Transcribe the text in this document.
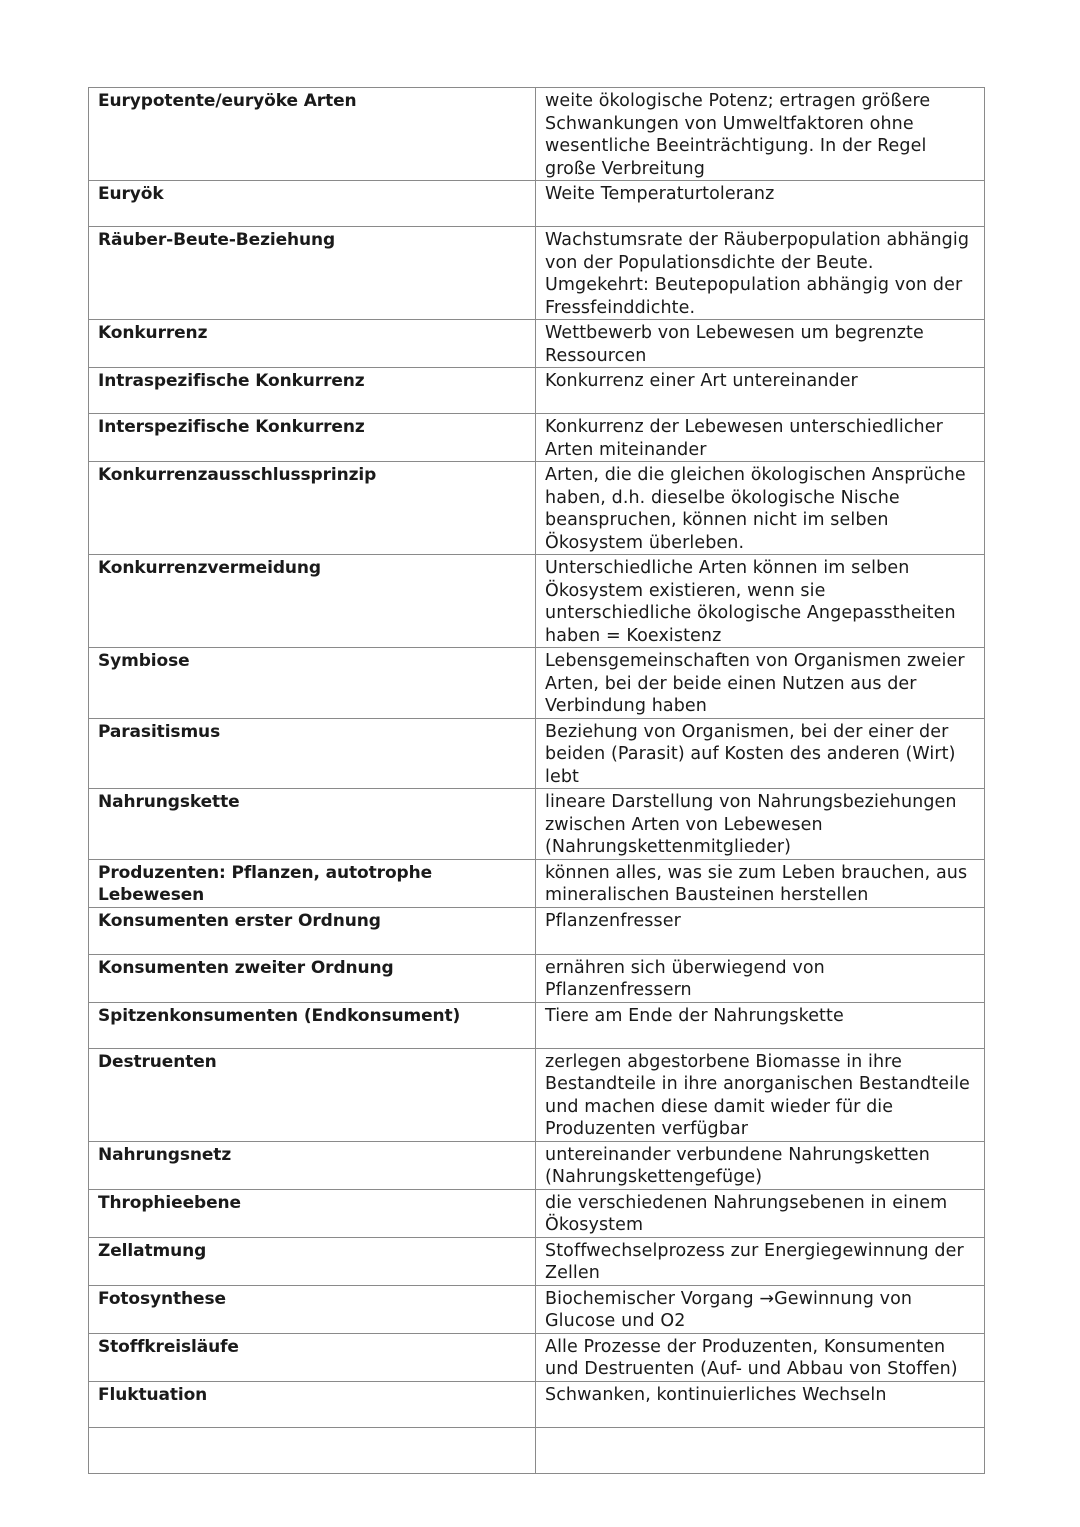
Eurypotente/euryöke Arten	weite ökologische Potenz; ertragen größere Schwankungen von Umweltfaktoren ohne wesentliche Beeinträchtigung. In der Regel große Verbreitung
Euryök	Weite Temperaturtoleranz
Räuber-Beute-Beziehung	Wachstumsrate der Räuberpopulation abhängig von der Populationsdichte der Beute. Umgekehrt: Beutepopulation abhängig von der Fressfeinddichte.
Konkurrenz	Wettbewerb von Lebewesen um begrenzte Ressourcen
Intraspezifische Konkurrenz	Konkurrenz einer Art untereinander
Interspezifische Konkurrenz	Konkurrenz der Lebewesen unterschiedlicher Arten miteinander
Konkurrenzausschlussprinzip	Arten, die die gleichen ökologischen Ansprüche haben, d.h. dieselbe ökologische Nische beanspruchen, können nicht im selben Ökosystem überleben.
Konkurrenzvermeidung	Unterschiedliche Arten können im selben Ökosystem existieren, wenn sie unterschiedliche ökologische Angepasstheiten haben = Koexistenz
Symbiose	Lebensgemeinschaften von Organismen zweier Arten, bei der beide einen Nutzen aus der Verbindung haben
Parasitismus	Beziehung von Organismen, bei der einer der beiden (Parasit) auf Kosten des anderen (Wirt) lebt
Nahrungskette	lineare Darstellung von Nahrungsbeziehungen zwischen Arten von Lebewesen (Nahrungskettenmitglieder)
Produzenten: Pflanzen, autotrophe Lebewesen	können alles, was sie zum Leben brauchen, aus mineralischen Bausteinen herstellen
Konsumenten erster Ordnung	Pflanzenfresser
Konsumenten zweiter Ordnung	ernähren sich überwiegend von Pflanzenfressern
Spitzenkonsumenten (Endkonsument)	Tiere am Ende der Nahrungskette
Destruenten	zerlegen abgestorbene Biomasse in ihre Bestandteile in ihre anorganischen Bestandteile und machen diese damit wieder für die Produzenten verfügbar
Nahrungsnetz	untereinander verbundene Nahrungsketten (Nahrungskettengefüge)
Throphieebene	die verschiedenen Nahrungsebenen in einem Ökosystem
Zellatmung	Stoffwechselprozess zur Energiegewinnung der Zellen
Fotosynthese	Biochemischer Vorgang →Gewinnung von Glucose und O2
Stoffkreisläufe	Alle Prozesse der Produzenten, Konsumenten und Destruenten (Auf- und Abbau von Stoffen)
Fluktuation	Schwanken, kontinuierliches Wechseln
